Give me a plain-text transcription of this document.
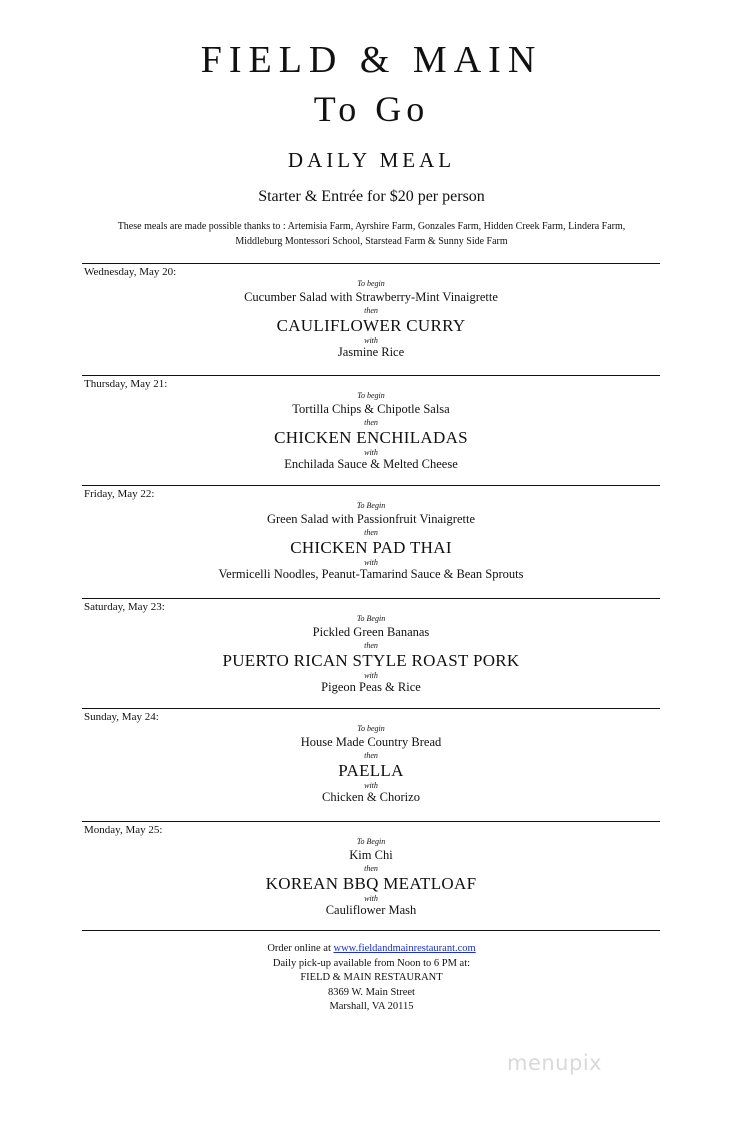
FIELD & MAIN
To Go
DAILY MEAL
Starter & Entrée for $20 per person
These meals are made possible thanks to : Artemisia Farm, Ayrshire Farm, Gonzales Farm, Hidden Creek Farm, Lindera Farm,
Middleburg Montessori School, Starstead Farm & Sunny Side Farm
Wednesday, May 20:
To begin
Cucumber Salad with Strawberry-Mint Vinaigrette
then
CAULIFLOWER CURRY
with
Jasmine Rice
Thursday, May 21:
To begin
Tortilla Chips & Chipotle Salsa
then
CHICKEN ENCHILADAS
with
Enchilada Sauce & Melted Cheese
Friday, May 22:
To Begin
Green Salad with Passionfruit Vinaigrette
then
CHICKEN PAD THAI
with
Vermicelli Noodles, Peanut-Tamarind Sauce & Bean Sprouts
Saturday, May 23:
To Begin
Pickled Green Bananas
then
PUERTO RICAN STYLE ROAST PORK
with
Pigeon Peas & Rice
Sunday, May 24:
To begin
House Made Country Bread
then
PAELLA
with
Chicken & Chorizo
Monday, May 25:
To Begin
Kim Chi
then
KOREAN BBQ MEATLOAF
with
Cauliflower Mash
Order online at www.fieldandmainrestaurant.com
Daily pick-up available from Noon to 6 PM at:
FIELD & MAIN RESTAURANT
8369 W. Main Street
Marshall, VA 20115
menupix
